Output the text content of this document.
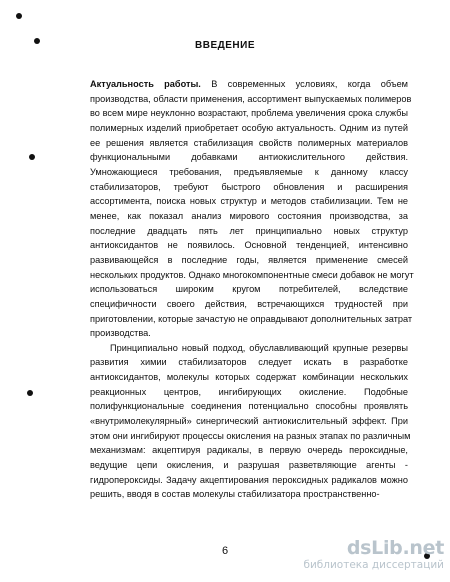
ВВЕДЕНИЕ
Актуальность работы. В современных условиях, когда объем
производства, области применения, ассортимент выпускаемых полимеров
во всем мире неуклонно возрастают, проблема увеличения срока службы
полимерных изделий приобретает особую актуальность. Одним из путей
ее решения является стабилизация свойств полимерных материалов
функциональными добавками антиокислительного действия.
Умножающиеся требования, предъявляемые к данному классу
стабилизаторов, требуют быстрого обновления и расширения
ассортимента, поиска новых структур и методов стабилизации. Тем не
менее, как показал анализ мирового состояния производства, за
последние двадцать пять лет принципиально новых структур
антиоксидантов не появилось. Основной тенденцией, интенсивно
развивающейся в последние годы, является применение смесей
нескольких продуктов. Однако многокомпонентные смеси добавок не могут
использоваться широким кругом потребителей, вследствие
специфичности своего действия, встречающихся трудностей при
приготовлении, которые зачастую не оправдывают дополнительных затрат
производства.
Принципиально новый подход, обуславливающий крупные резервы
развития химии стабилизаторов следует искать в разработке
антиоксидантов, молекулы которых содержат комбинации нескольких
реакционных центров, ингибирующих окисление. Подобные
полифункциональные соединения потенциально способны проявлять
«внутримолекулярный» синергический антиокислительный эффект. При
этом они ингибируют процессы окисления на разных этапах по различным
механизмам: акцептируя радикалы, в первую очередь пероксидные,
ведущие цепи окисления, и разрушая разветвляющие агенты -
гидропероксиды. Задачу акцептирования пероксидных радикалов можно
решить, вводя в состав молекулы стабилизатора пространственно-
6	dsLib.net
библиотека диссертаций
